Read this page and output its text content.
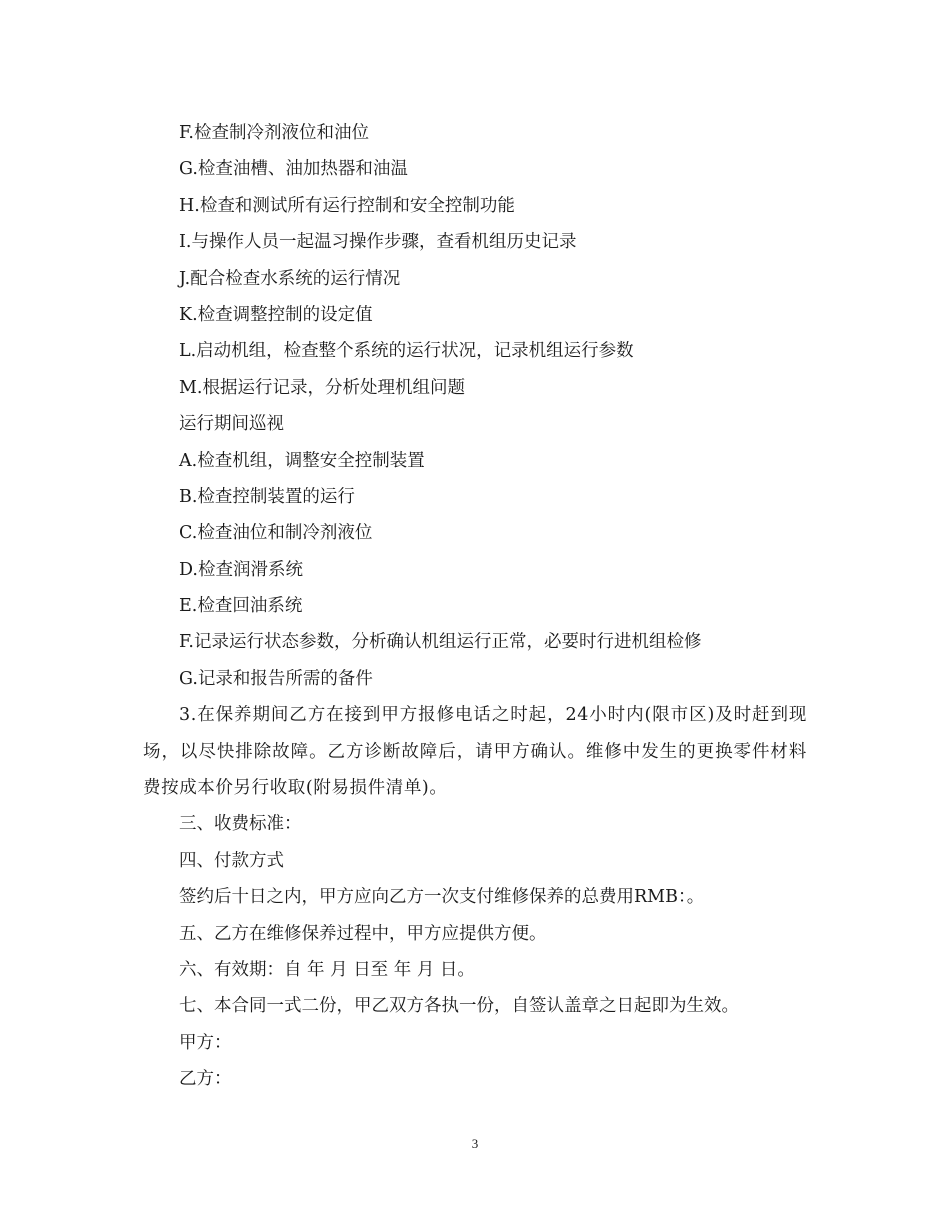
F.检查制冷剂液位和油位
G.检查油槽、油加热器和油温
H.检查和测试所有运行控制和安全控制功能
I.与操作人员一起温习操作步骤，查看机组历史记录
J.配合检查水系统的运行情况
K.检查调整控制的设定值
L.启动机组，检查整个系统的运行状况，记录机组运行参数
M.根据运行记录，分析处理机组问题
运行期间巡视
A.检查机组，调整安全控制装置
B.检查控制装置的运行
C.检查油位和制冷剂液位
D.检查润滑系统
E.检查回油系统
F.记录运行状态参数，分析确认机组运行正常，必要时行进机组检修
G.记录和报告所需的备件
3.在保养期间乙方在接到甲方报修电话之时起，24小时内(限市区)及时赶到现场，以尽快排除故障。乙方诊断故障后，请甲方确认。维修中发生的更换零件材料费按成本价另行收取(附易损件清单)。
三、收费标准：
四、付款方式
签约后十日之内，甲方应向乙方一次支付维修保养的总费用RMB：。
五、乙方在维修保养过程中，甲方应提供方便。
六、有效期：自 年 月 日至 年 月 日。
七、本合同一式二份，甲乙双方各执一份，自签认盖章之日起即为生效。
甲方：
乙方：
3
